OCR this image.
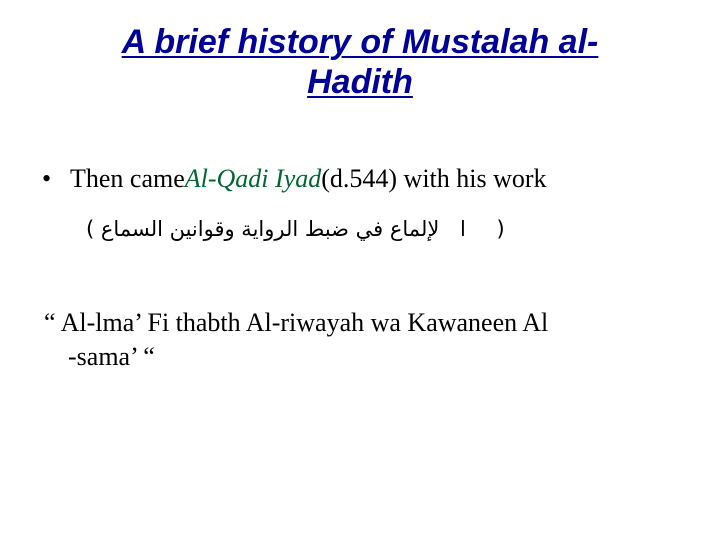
A brief history of Mustalah al-
Hadith
• Then came Al-Qadi Iyad (d.544) with his work
( لإلماع في ضبط الرواية وقوانين السماع ا )
“ Al-lma’ Fi thabth Al-riwayah wa Kawaneen Al
-sama’ “
